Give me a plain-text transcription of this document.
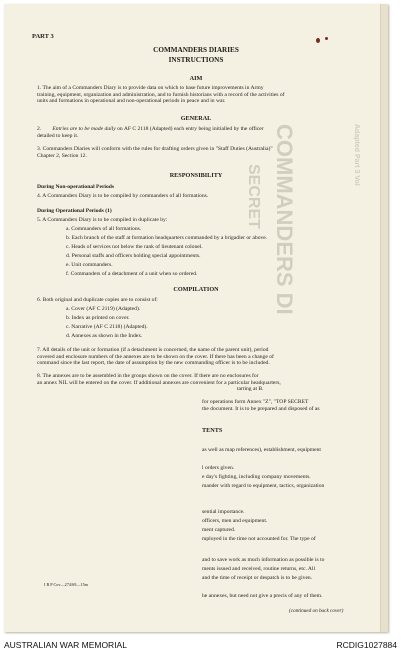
COMMANDERS DI
SECRET
Adapted Part 3 Vol
PART 3
COMMANDERS DIARIES
INSTRUCTIONS
AIM
1. The aim of a Commanders Diary is to provide data on which to base future improvements in Army
training, equipment, organization and administration, and to furnish historians with a record of the activities of
units and formations in operational and non-operational periods in peace and in war.
GENERAL
2. Entries are to be made daily on AF C 2118 (Adapted) each entry being initialled by the officer
detailed to keep it.
3. Commanders Diaries will conform with the rules for drafting orders given in "Staff Duties (Australia)"
Chapter 2, Section 12.
RESPONSIBILITY
During Non-operational Periods
4. A Commanders Diary is to be compiled by commanders of all formations.
During Operational Periods (1)
5. A Commanders Diary is to be compiled in duplicate by:
a. Commanders of all formations.
b. Each branch of the staff at formation headquarters commanded by a brigadier or above.
c. Heads of services not below the rank of lieutenant colonel.
d. Personal staffs and officers holding special appointments.
e. Unit commanders.
f. Commanders of a detachment of a unit when so ordered.
COMPILATION
6. Both original and duplicate copies are to consist of:
a. Cover (AF C 2119) (Adapted).
b. Index as printed on cover.
c. Narrative (AF C 2118) (Adapted).
d. Annexes as shown in the Index.
7. All details of the unit or formation (if a detachment is concerned, the name of the parent unit), period
covered and enclosure numbers of the annexes are to be shown on the cover. If there has been a change of
command since the last report, the date of assumption by the new commanding officer is to be included.
8. The annexes are to be assembled in the groups shown on the cover. If there are no enclosures for
an annex NIL will be entered on the cover. If additional annexes are convenient for a particular headquarters,
tarting at B.
for operations form Annex "Z", "TOP SECRET
the document. It is to be prepared and disposed of as
TENTS
as well as map references), establishment, equipment
l orders given.
e day's fighting, including company movements.
mander with regard to equipment, tactics, organization
sential importance.
officers, men and equipment.
ment captured.
mployed in the time not accounted for. The type of
and to save work as much information as possible is to
ments issued and received, routine returns, etc. All
and the time of receipt or despatch is to be given.
he annexes, but need not give a precis of any of them.
I B P Cov—274/69—15m
(continued on back cover)
AUSTRALIAN WAR MEMORIAL	RCDIG1027884
